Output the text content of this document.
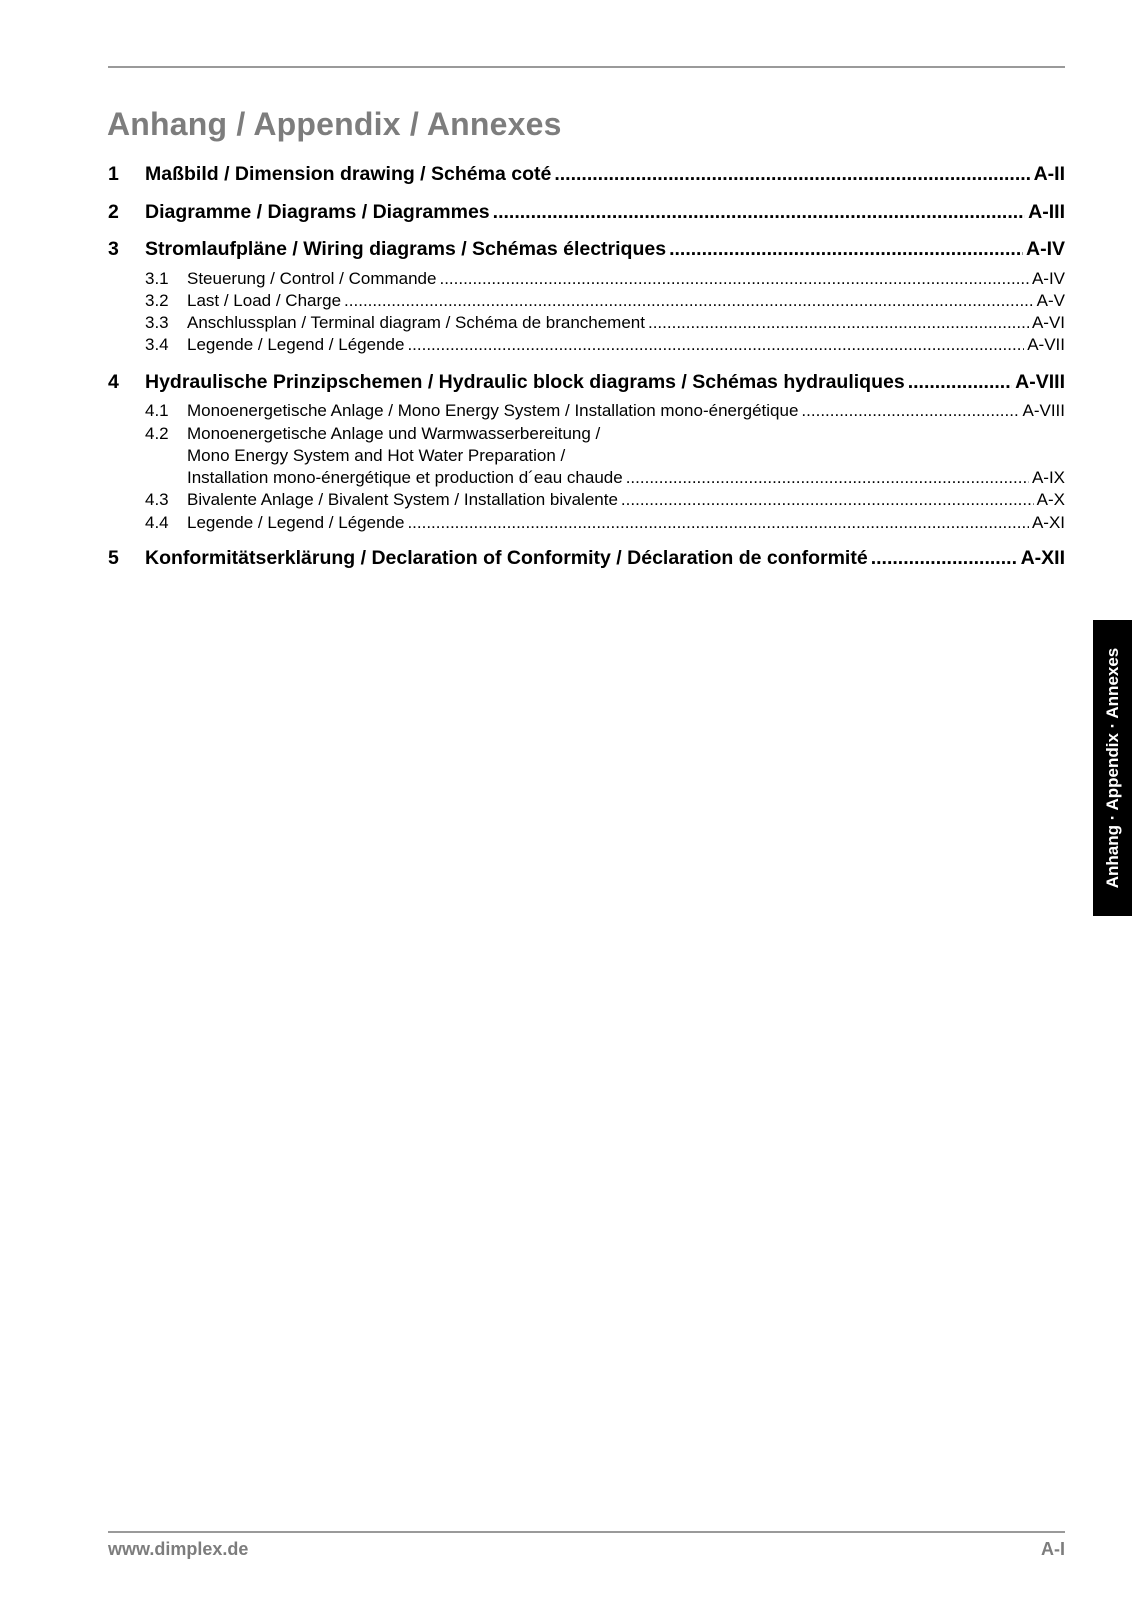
Anhang / Appendix / Annexes
1	Maßbild / Dimension drawing / Schéma coté .....	A-II
2	Diagramme / Diagrams / Diagrammes .....	A-III
3	Stromlaufpläne / Wiring diagrams / Schémas électriques .....	A-IV
3.1	Steuerung / Control / Commande .....	A-IV
3.2	Last / Load / Charge .....	A-V
3.3	Anschlussplan / Terminal diagram / Schéma de branchement .....	A-VI
3.4	Legende / Legend / Légende .....	A-VII
4	Hydraulische Prinzipschemen / Hydraulic block diagrams / Schémas hydrauliques .....	A-VIII
4.1	Monoenergetische Anlage / Mono Energy System / Installation mono-énergétique .....	A-VIII
4.2	Monoenergetische Anlage und Warmwasserbereitung /
Mono Energy System and Hot Water Preparation /
Installation mono-énergétique et production d´eau chaude .....	A-IX
4.3	Bivalente Anlage / Bivalent System / Installation bivalente .....	A-X
4.4	Legende / Legend / Légende .....	A-XI
5	Konformitätserklärung / Declaration of Conformity / Déclaration de conformité .....	A-XII
Anhang · Appendix · Annexes
www.dimplex.de	A-I
